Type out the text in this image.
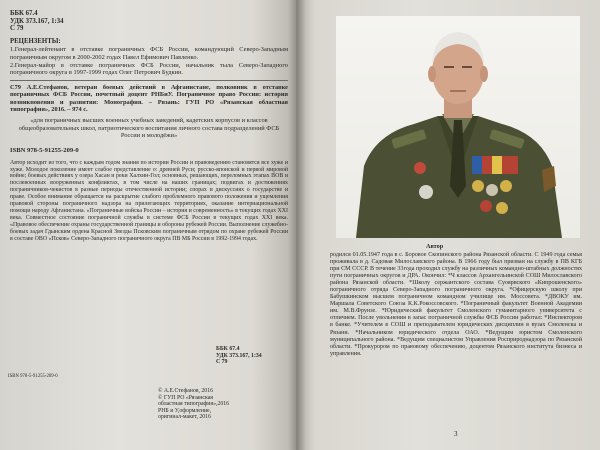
ББК 67.4
УДК 373.167, 1:34
С 79
РЕЦЕНЗЕНТЫ:

1.Генерал-лейтенант в отставке пограничных ФСБ России, командующий Северо-Западным пограничным округом в 2000-2002 годах Павел Ефимович Павленко.

2.Генерал-майор в отставке пограничных ФСБ России, начальник тыла Северо-Западного пограничного округа в 1997-1999 годах Олег Петрович Будкин.

С79 А.Е.Стефанов, ветеран боевых действий в Афганистане, полковник в отставке пограничных ФСБ России, почетный доцент РНБиУ. Пограничное право России: история возникновения и развития: Монография. – Рязань: ГУП РО «Рязанская областная типография», 2016. – 974 с.

«для пограничных высших военных учебных заведений, кадетских корпусов и классов общеобразовательных школ, патриотического воспитания личного состава подразделений ФСБ России и молодёжи»

ISBN 978-5-91255-209-0

Автор исходит из того, что с каждым годом знания по истории России и правоведению становятся все хуже и хуже. Молодое поколение имеет слабое представление о: древней Руси; русско-японской и первой мировой войне; боевых действиях у озера Хасан и реки Халхин-Гол; основных, решающих, переломных этапах ВОВ и послевоенных вооруженных конфликтах, в том числе на наших границах; подвигах и достижениях пограничников-чекистов в разные периоды отечественной истории; спорах и дискуссиях о государстве и праве. Особое внимание обращается на раскрытие слабого проблемного правового положения и ущемления правовой стороны пограничного надзора на прилегающих территориях, оказание интернациональной помощи народу Афганистана. «Пограничные войска России – история и современность» в текущих годах XXI века. Совместное состояние пограничной службы в системе ФСБ России в текущих годах XXI века. «Правовое обеспечение охраны государственной границы и обороны рубежей России. Выполнение служебно-боевых задач Гдынским ордена Красной Звезды Псковским пограничным отрядом по охране рубежей России в составе ОВО «Псков» Северо-Западного пограничного округа ПВ МБ России в 1992-1994 годах.

ББК 67.4
УДК 373.167, 1:34
С 79
ISBN 978-5-91255-209-0
© А.Е.Стефанов, 2016
© ГУП РО «Рязанская
областная типография»,2016
РНБ и У,оформление,
оригинал-макет, 2016
Автор

родился 01.05.1947 года в с. Боровое Скопинского района Рязанской области. С 1949 года семья проживала в д. Садовая Милославского района. В 1966 году был призван на службу в ПВ КГБ при СМ СССР. В течение 33года проходил службу на различных командно-штабных должностях пути пограничных округов и ДРА. Окончил: *Ч классов Архангельинской СОШ Милославского района Рязанской области. *Школу сержантского состава Суоярвского «Кипрошенского» пограничного отряда Северо-Западного пограничного округа. *Офицерскую школу при Бабушкинском высшем пограничном командном училище им. Моссовета. *ДВОКУ им. Маршала Советского Союза К.К.Рокоссовского. *Пограничный факультет Военной Академии им. М.В.Фрунзе. *Юридический факультет Смоленского гуманитарного университета с отличием. После увольнения в запас пограничной службы ФСБ России работал: *Инспектором в банке. *Учителем в СОШ и преподавателем юридических дисциплин в вузах Смоленска и Рязани. *Начальником юридического отдела ОАО. *Ведущим юристом Смоленского муниципального района. *Ведущим специалистом Управления Росприроднадзора по Рязанской области. *Прокурором по правовому обеспечению, доцентом Рязанского института бизнеса и управления.

3
